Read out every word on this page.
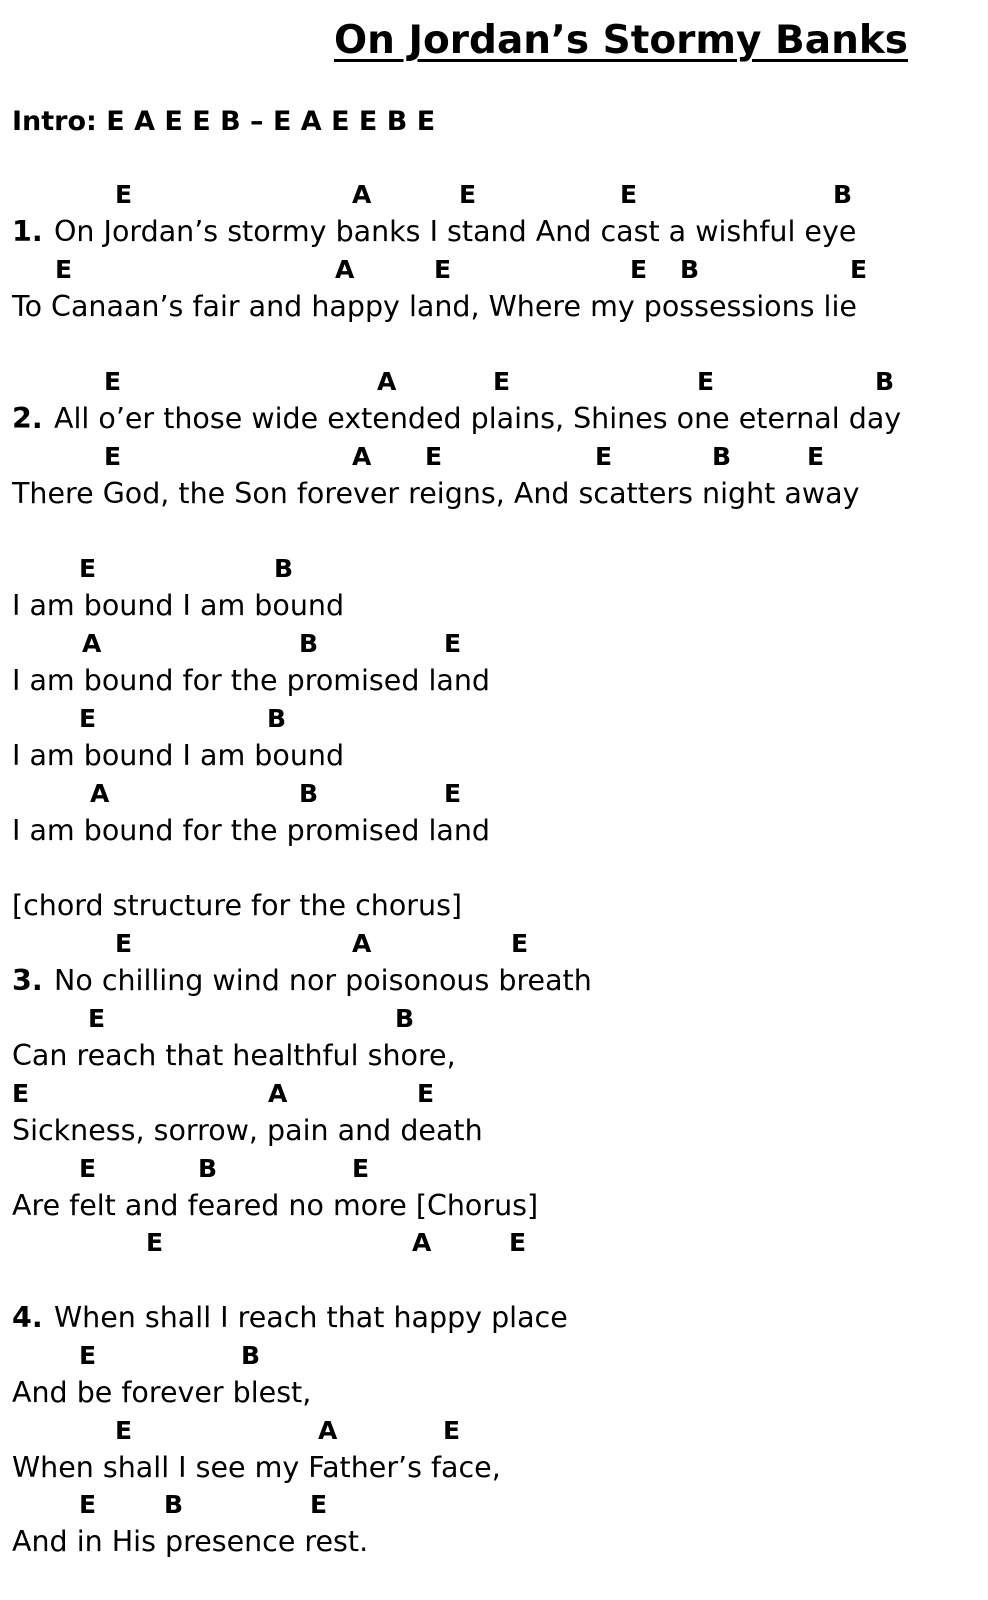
On Jordan’s Stormy Banks
Intro: E A E E B – E A E E B E
E	A	E	E	B
1. On Jordan’s stormy banks I stand And cast a wishful eye
E	A	E	E B	E
To Canaan’s fair and happy land, Where my possessions lie
E	A	E	E	B
2. All o’er those wide extended plains, Shines one eternal day
E	A E	E	B	E
There God, the Son forever reigns, And scatters night away
E	B
I am bound I am bound
A	B	E
I am bound for the promised land
E	B
I am bound I am bound
A	B	E
I am bound for the promised land
[chord structure for the chorus]
E	A	E
3. No chilling wind nor poisonous breath
E	B
Can reach that healthful shore,
E	A	E
Sickness, sorrow, pain and death
E	B	E
Are felt and feared no more [Chorus]
E	A	E
4. When shall I reach that happy place
E	B
And be forever blest,
E	A	E
When shall I see my Father’s face,
E	B	E
And in His presence rest.
